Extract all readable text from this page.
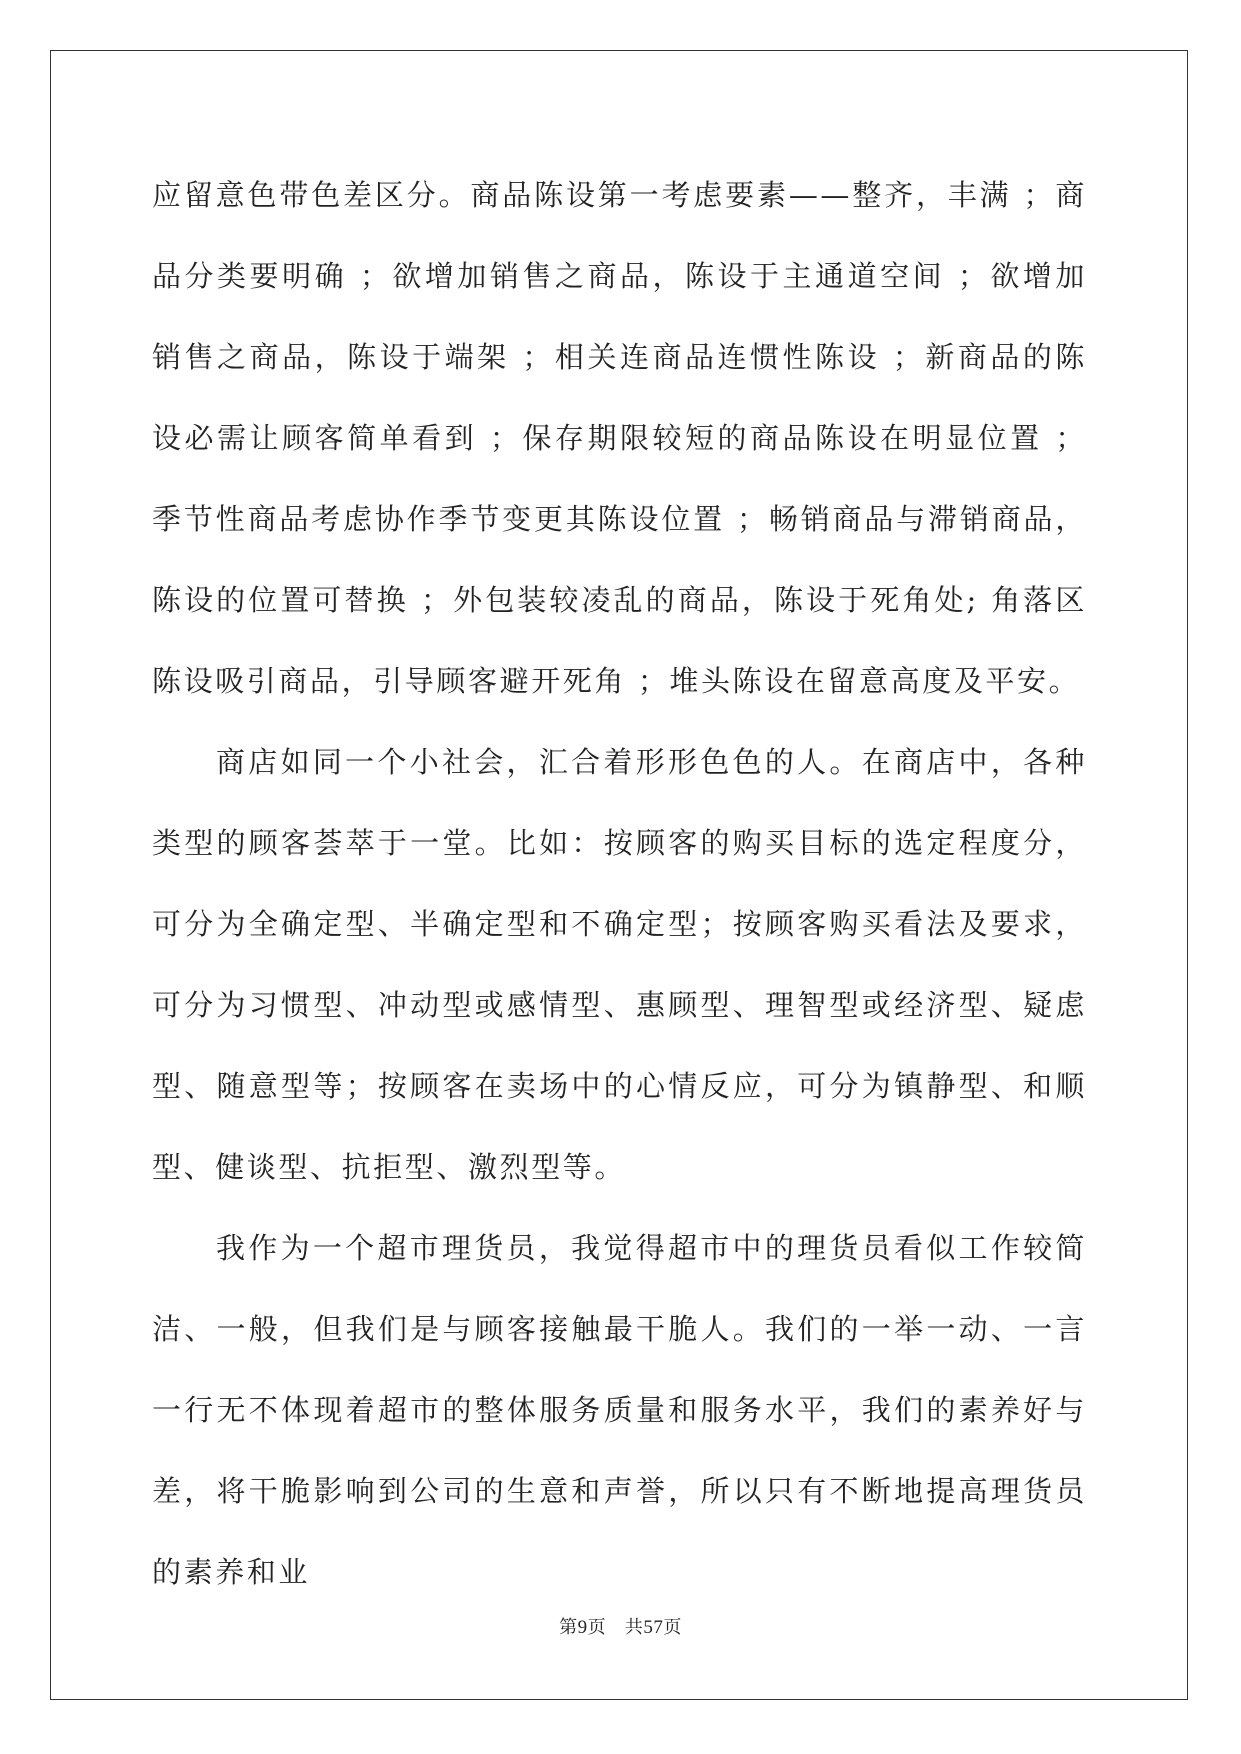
应留意色带色差区分。商品陈设第一考虑要素——整齐，丰满 ；商品分类要明确 ；欲增加销售之商品，陈设于主通道空间 ；欲增加销售之商品，陈设于端架 ；相关连商品连惯性陈设 ；新商品的陈设必需让顾客简单看到 ；保存期限较短的商品陈设在明显位置 ；季节性商品考虑协作季节变更其陈设位置 ；畅销商品与滞销商品，陈设的位置可替换 ；外包装较凌乱的商品，陈设于死角处; 角落区陈设吸引商品，引导顾客避开死角 ；堆头陈设在留意高度及平安。

商店如同一个小社会，汇合着形形色色的人。在商店中，各种类型的顾客荟萃于一堂。比如：按顾客的购买目标的选定程度分，可分为全确定型、半确定型和不确定型；按顾客购买看法及要求，可分为习惯型、冲动型或感情型、惠顾型、理智型或经济型、疑虑型、随意型等；按顾客在卖场中的心情反应，可分为镇静型、和顺型、健谈型、抗拒型、激烈型等。

我作为一个超市理货员，我觉得超市中的理货员看似工作较简洁、一般，但我们是与顾客接触最干脆人。我们的一举一动、一言一行无不体现着超市的整体服务质量和服务水平，我们的素养好与差，将干脆影响到公司的生意和声誉，所以只有不断地提高理货员的素养和业

第9页 共57页
